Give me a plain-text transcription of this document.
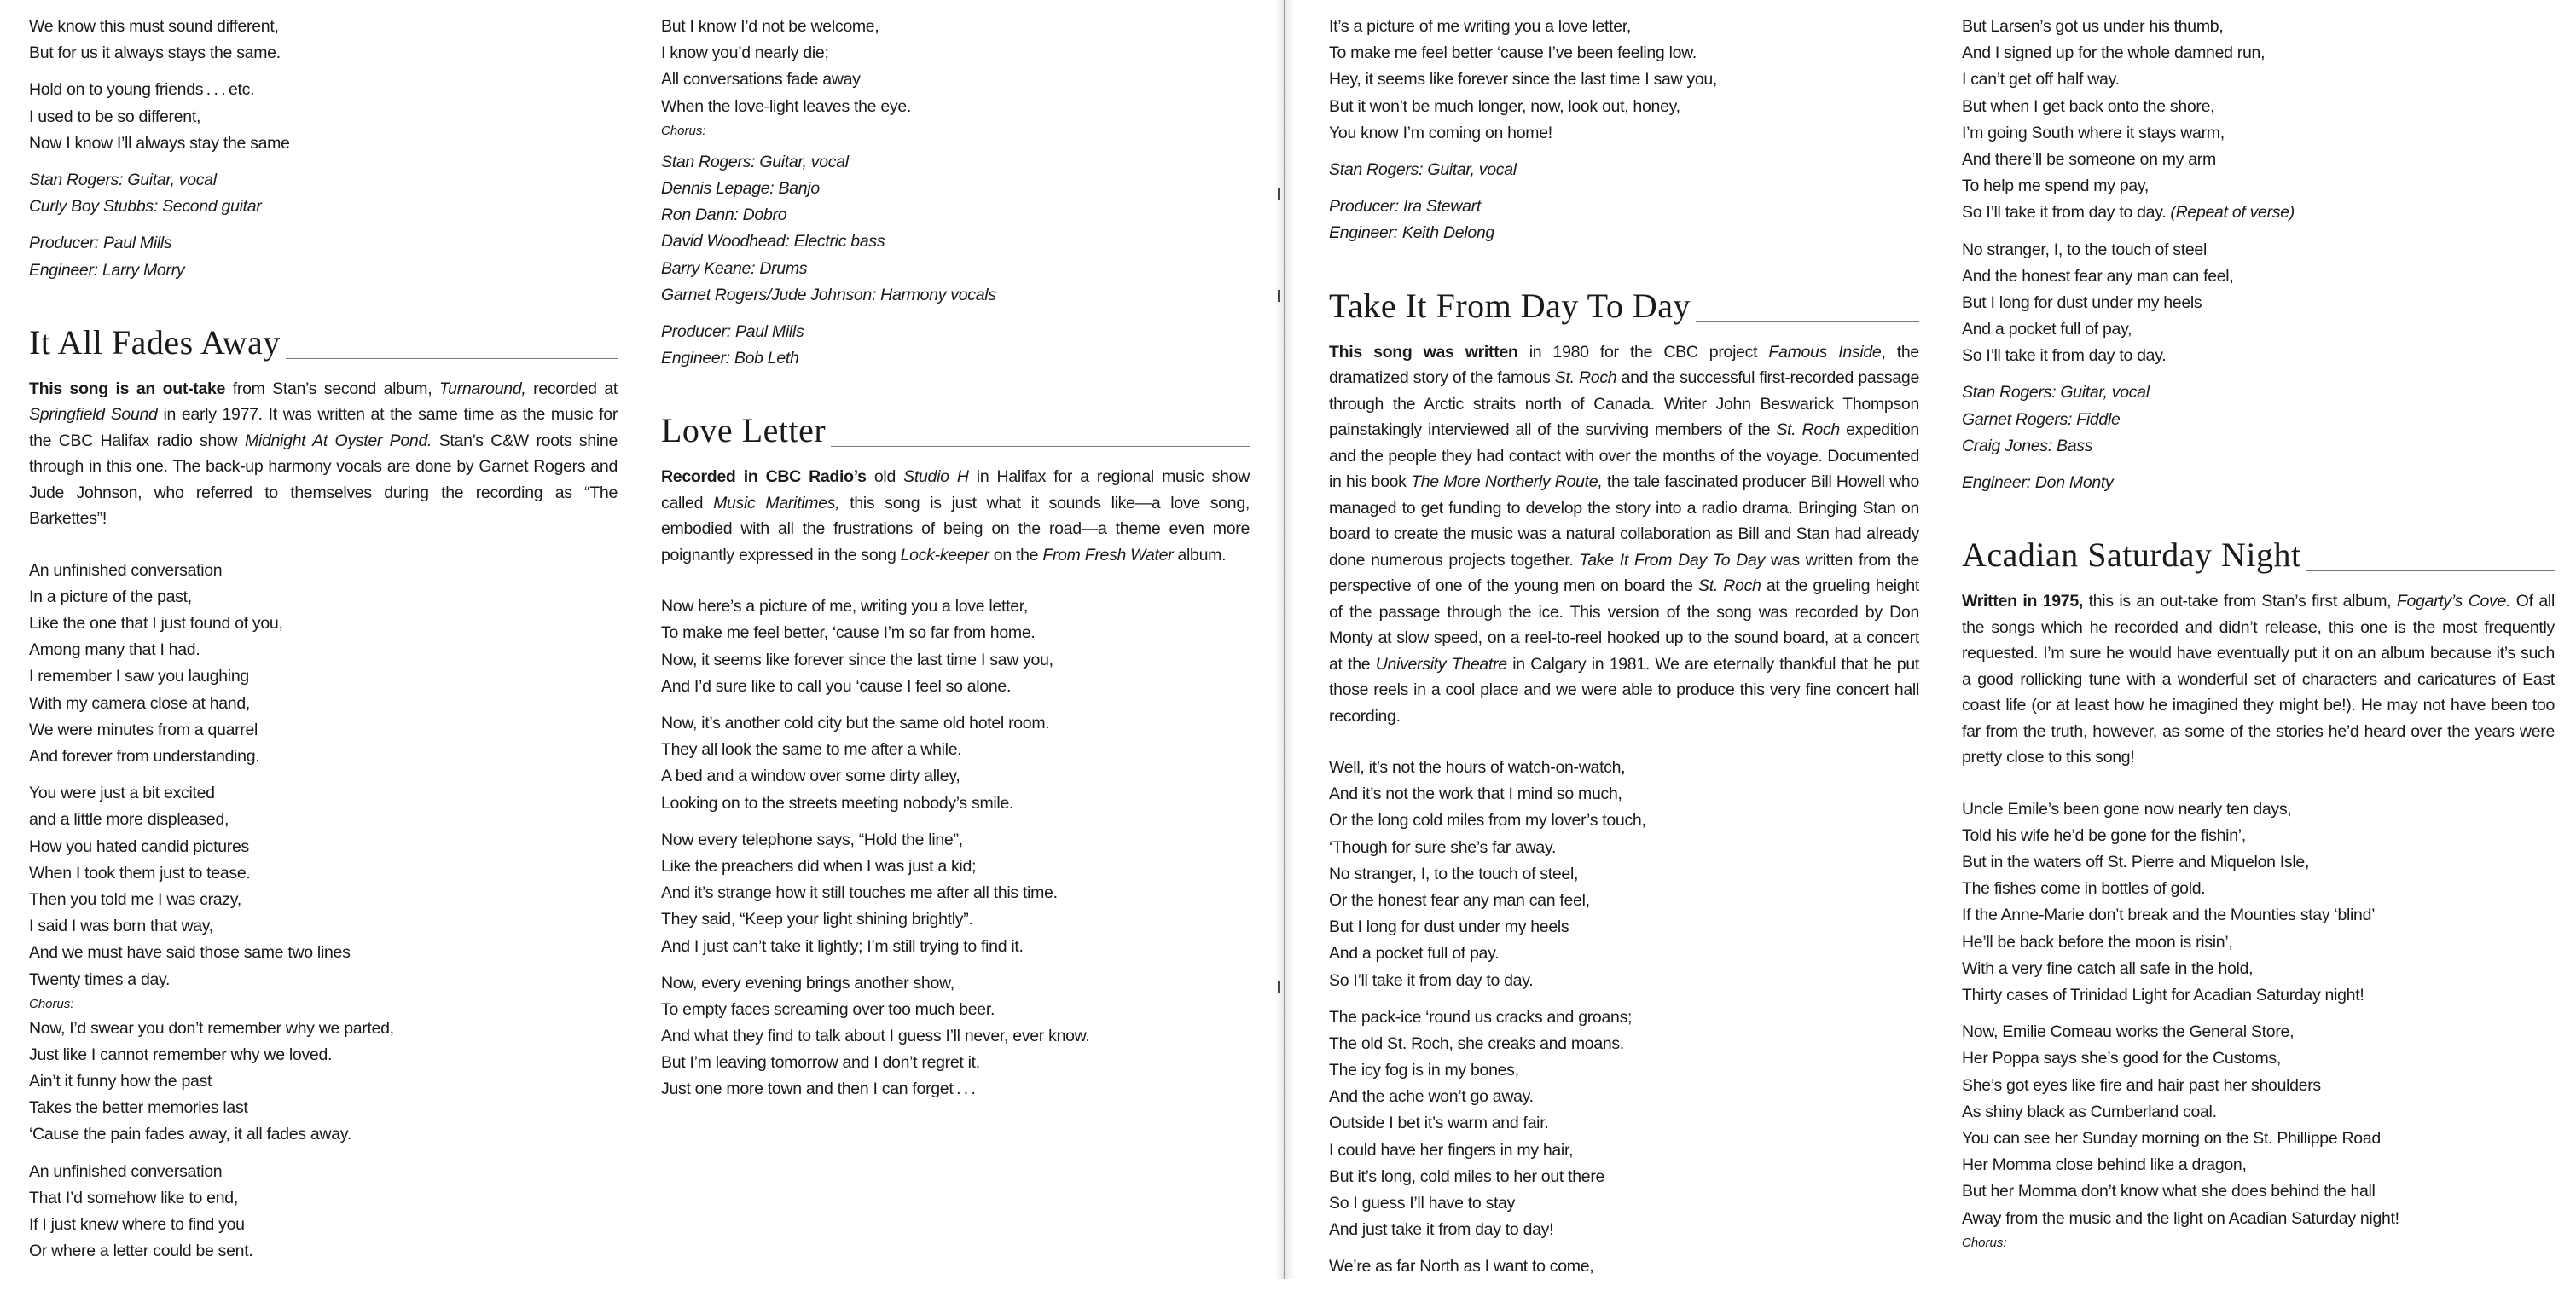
We know this must sound different,
But for us it always stays the same.
Hold on to young friends . . . etc.
I used to be so different,
Now I know I’ll always stay the same
Stan Rogers: Guitar, vocal
Curly Boy Stubbs: Second guitar
Producer: Paul Mills
Engineer: Larry Morry
It All Fades Away
This song is an out-take from Stan’s second album, Turnaround, recorded at Springfield Sound in early 1977. It was written at the same time as the music for the CBC Halifax radio show Midnight At Oyster Pond. Stan’s C&W roots shine through in this one. The back-up harmony vocals are done by Garnet Rogers and Jude Johnson, who referred to themselves during the recording as “The Barkettes”!
An unfinished conversation
In a picture of the past,
Like the one that I just found of you,
Among many that I had.
I remember I saw you laughing
With my camera close at hand,
We were minutes from a quarrel
And forever from understanding.
You were just a bit excited
and a little more displeased,
How you hated candid pictures
When I took them just to tease.
Then you told me I was crazy,
I said I was born that way,
And we must have said those same two lines
Twenty times a day.
Chorus:
Now, I’d swear you don’t remember why we parted,
Just like I cannot remember why we loved.
Ain’t it funny how the past
Takes the better memories last
‘Cause the pain fades away, it all fades away.
An unfinished conversation
That I’d somehow like to end,
If I just knew where to find you
Or where a letter could be sent.
But I know I’d not be welcome,
I know you’d nearly die;
All conversations fade away
When the love-light leaves the eye.
Chorus:
Stan Rogers: Guitar, vocal
Dennis Lepage: Banjo
Ron Dann: Dobro
David Woodhead: Electric bass
Barry Keane: Drums
Garnet Rogers/Jude Johnson: Harmony vocals
Producer: Paul Mills
Engineer: Bob Leth
Love Letter
Recorded in CBC Radio’s old Studio H in Halifax for a regional music show called Music Maritimes, this song is just what it sounds like—a love song, embodied with all the frustrations of being on the road—a theme even more poignantly expressed in the song Lock-keeper on the From Fresh Water album.
Now here’s a picture of me, writing you a love letter,
To make me feel better, ‘cause I’m so far from home.
Now, it seems like forever since the last time I saw you,
And I’d sure like to call you ‘cause I feel so alone.
Now, it’s another cold city but the same old hotel room.
They all look the same to me after a while.
A bed and a window over some dirty alley,
Looking on to the streets meeting nobody’s smile.
Now every telephone says, “Hold the line”,
Like the preachers did when I was just a kid;
And it’s strange how it still touches me after all this time.
They said, “Keep your light shining brightly”.
And I just can’t take it lightly; I’m still trying to find it.
Now, every evening brings another show,
To empty faces screaming over too much beer.
And what they find to talk about I guess I’ll never, ever know.
But I’m leaving tomorrow and I don’t regret it.
Just one more town and then I can forget . . .
It’s a picture of me writing you a love letter,
To make me feel better ‘cause I’ve been feeling low.
Hey, it seems like forever since the last time I saw you,
But it won’t be much longer, now, look out, honey,
You know I’m coming on home!
Stan Rogers: Guitar, vocal
Producer: Ira Stewart
Engineer: Keith Delong
Take It From Day To Day
This song was written in 1980 for the CBC project Famous Inside, the dramatized story of the famous St. Roch and the successful first-recorded passage through the Arctic straits north of Canada. Writer John Beswarick Thompson painstakingly interviewed all of the surviving members of the St. Roch expedition and the people they had contact with over the months of the voyage. Documented in his book The More Northerly Route, the tale fascinated producer Bill Howell who managed to get funding to develop the story into a radio drama. Bringing Stan on board to create the music was a natural collaboration as Bill and Stan had already done numerous projects together. Take It From Day To Day was written from the perspective of one of the young men on board the St. Roch at the grueling height of the passage through the ice. This version of the song was recorded by Don Monty at slow speed, on a reel-to-reel hooked up to the sound board, at a concert at the University Theatre in Calgary in 1981. We are eternally thankful that he put those reels in a cool place and we were able to produce this very fine concert hall recording.
Well, it’s not the hours of watch-on-watch,
And it’s not the work that I mind so much,
Or the long cold miles from my lover’s touch,
‘Though for sure she’s far away.
No stranger, I, to the touch of steel,
Or the honest fear any man can feel,
But I long for dust under my heels
And a pocket full of pay.
So I’ll take it from day to day.
The pack-ice ‘round us cracks and groans;
The old St. Roch, she creaks and moans.
The icy fog is in my bones,
And the ache won’t go away.
Outside I bet it’s warm and fair.
I could have her fingers in my hair,
But it’s long, cold miles to her out there
So I guess I’ll have to stay
And just take it from day to day!
We’re as far North as I want to come,
But Larsen’s got us under his thumb,
And I signed up for the whole damned run,
I can’t get off half way.
But when I get back onto the shore,
I’m going South where it stays warm,
And there’ll be someone on my arm
To help me spend my pay,
So I’ll take it from day to day. (Repeat of verse)
No stranger, I, to the touch of steel
And the honest fear any man can feel,
But I long for dust under my heels
And a pocket full of pay,
So I’ll take it from day to day.
Stan Rogers: Guitar, vocal
Garnet Rogers: Fiddle
Craig Jones: Bass
Engineer: Don Monty
Acadian Saturday Night
Written in 1975, this is an out-take from Stan’s first album, Fogarty’s Cove. Of all the songs which he recorded and didn’t release, this one is the most frequently requested. I’m sure he would have eventually put it on an album because it’s such a good rollicking tune with a wonderful set of characters and caricatures of East coast life (or at least how he imagined they might be!). He may not have been too far from the truth, however, as some of the stories he’d heard over the years were pretty close to this song!
Uncle Emile’s been gone now nearly ten days,
Told his wife he’d be gone for the fishin’,
But in the waters off St. Pierre and Miquelon Isle,
The fishes come in bottles of gold.
If the Anne-Marie don’t break and the Mounties stay ‘blind’
He’ll be back before the moon is risin’,
With a very fine catch all safe in the hold,
Thirty cases of Trinidad Light for Acadian Saturday night!
Now, Emilie Comeau works the General Store,
Her Poppa says she’s good for the Customs,
She’s got eyes like fire and hair past her shoulders
As shiny black as Cumberland coal.
You can see her Sunday morning on the St. Phillippe Road
Her Momma close behind like a dragon,
But her Momma don’t know what she does behind the hall
Away from the music and the light on Acadian Saturday night!
Chorus:
